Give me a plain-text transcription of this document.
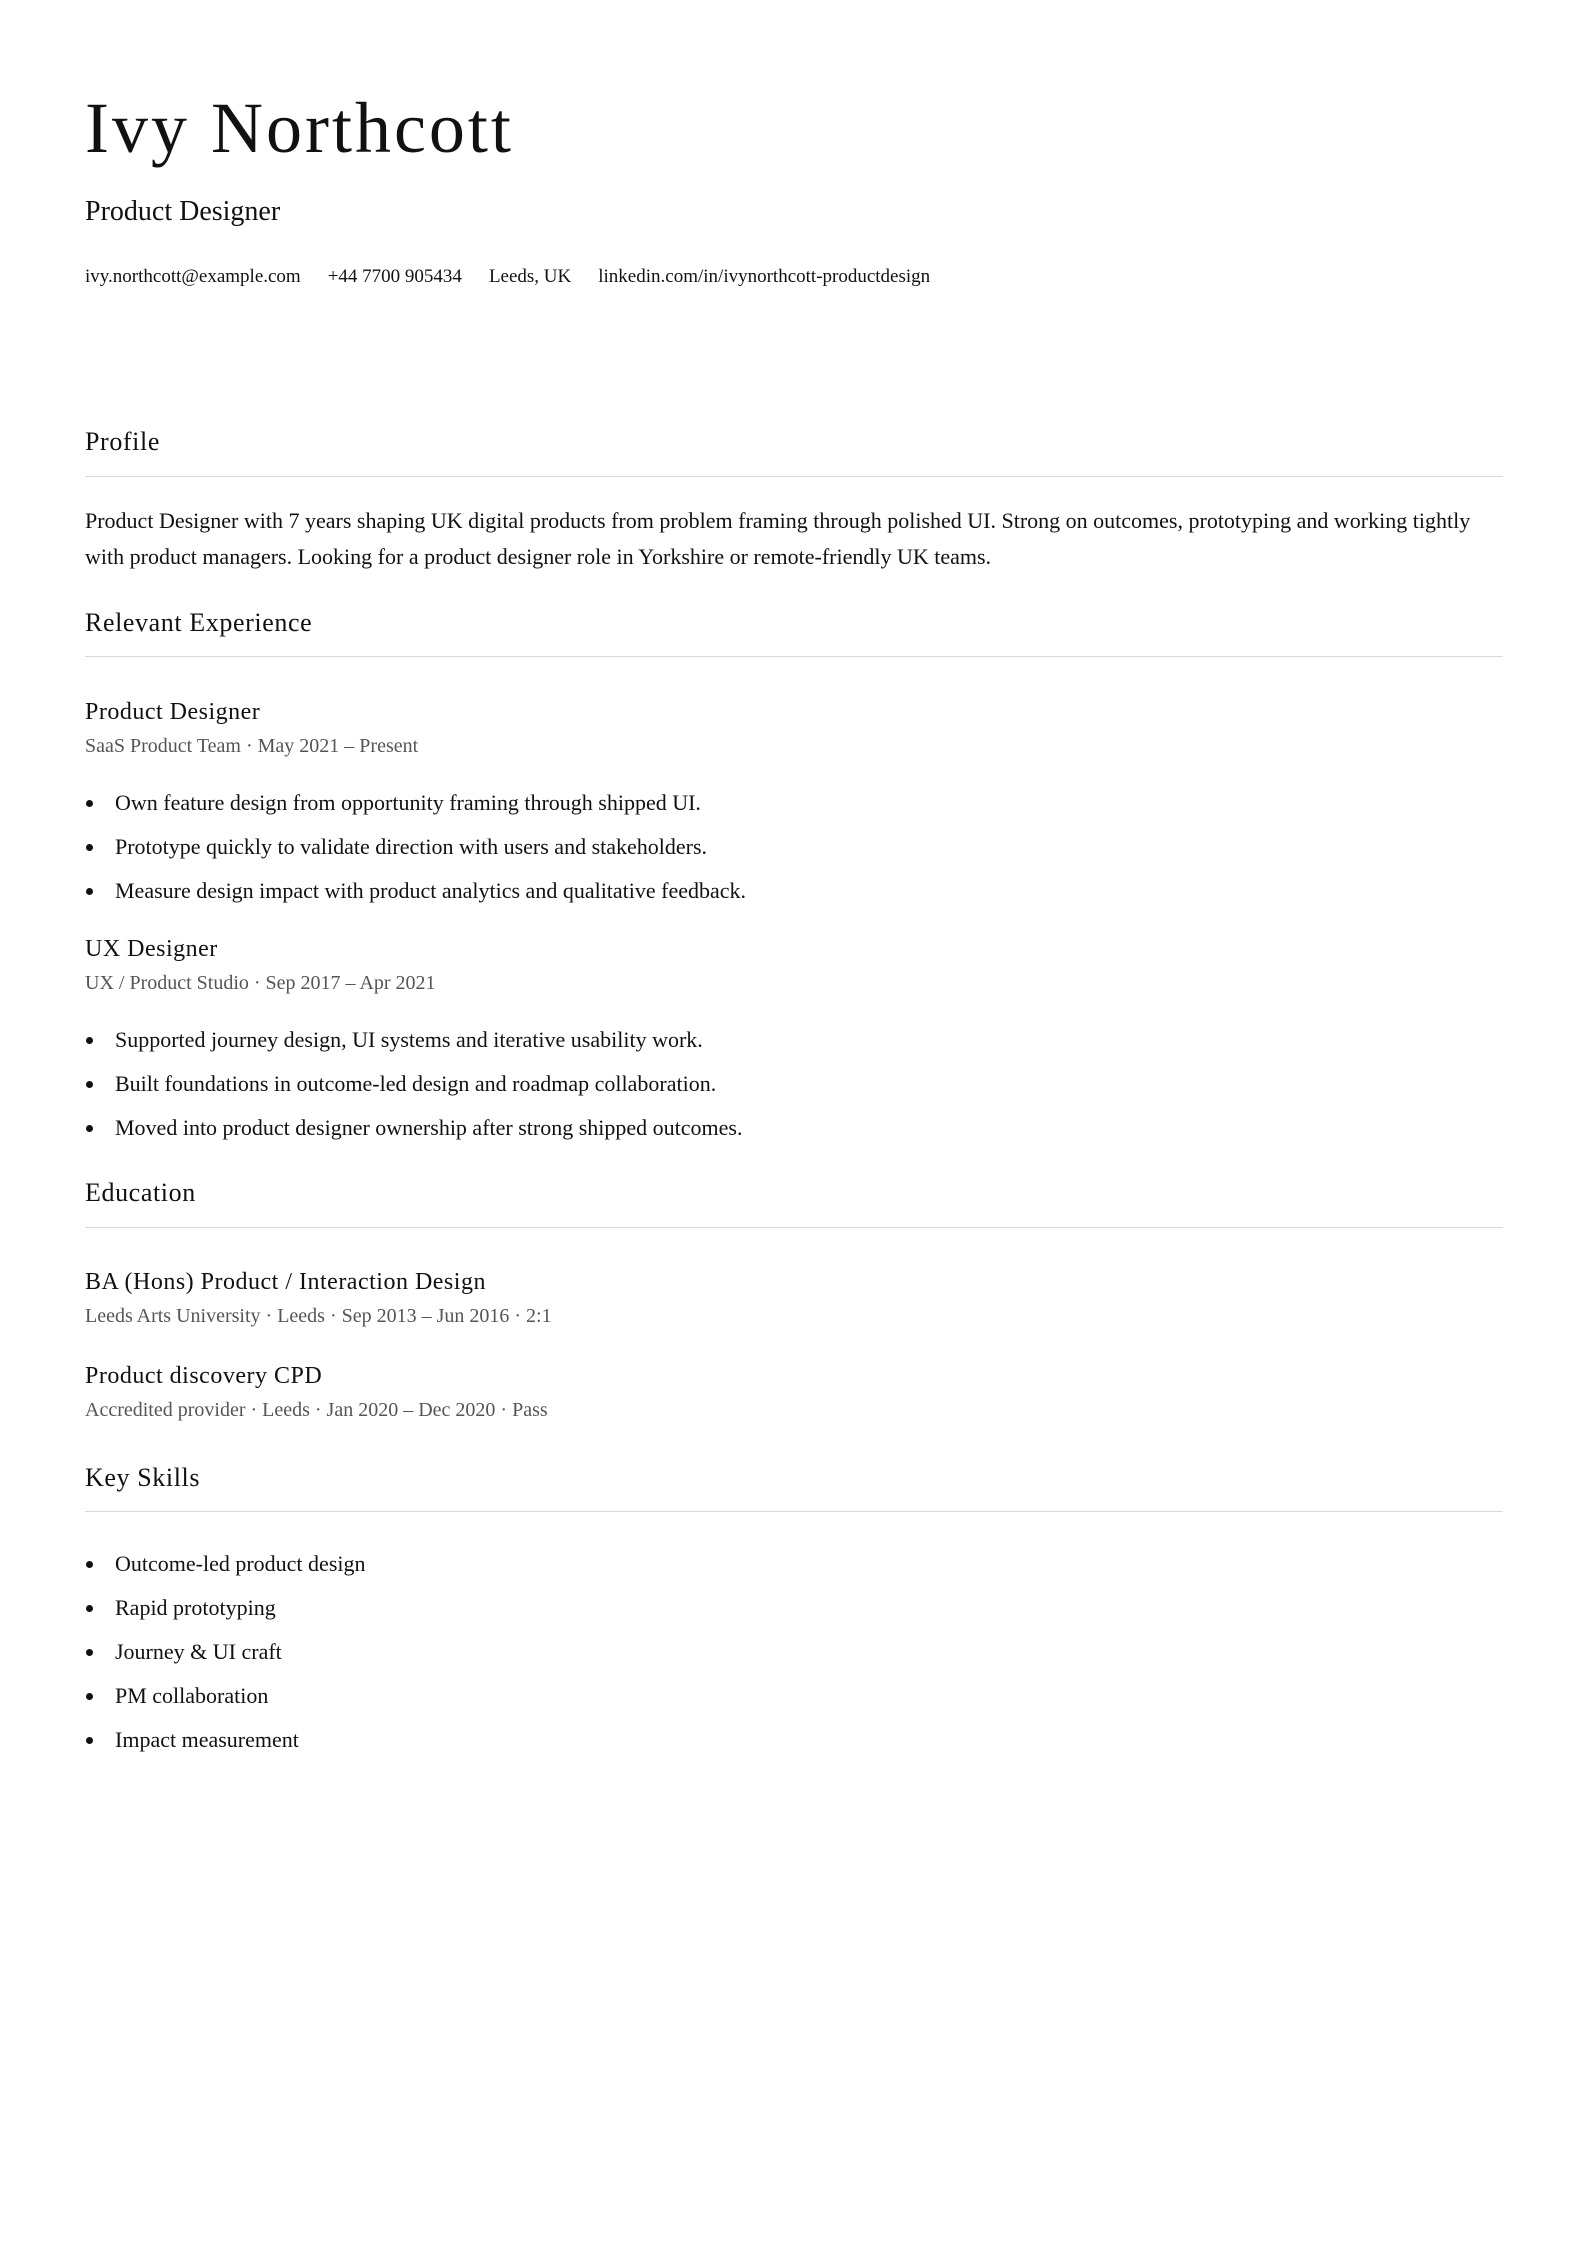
Ivy Northcott
Product Designer
ivy.northcott@example.com +44 7700 905434 Leeds, UK linkedin.com/in/ivynorthcott-productdesign
Profile
Product Designer with 7 years shaping UK digital products from problem framing through polished UI. Strong on outcomes, prototyping and working tightly with product managers. Looking for a product designer role in Yorkshire or remote-friendly UK teams.
Relevant Experience
Product Designer
SaaS Product Team · May 2021 – Present
Own feature design from opportunity framing through shipped UI.
Prototype quickly to validate direction with users and stakeholders.
Measure design impact with product analytics and qualitative feedback.
UX Designer
UX / Product Studio · Sep 2017 – Apr 2021
Supported journey design, UI systems and iterative usability work.
Built foundations in outcome-led design and roadmap collaboration.
Moved into product designer ownership after strong shipped outcomes.
Education
BA (Hons) Product / Interaction Design
Leeds Arts University · Leeds · Sep 2013 – Jun 2016 · 2:1
Product discovery CPD
Accredited provider · Leeds · Jan 2020 – Dec 2020 · Pass
Key Skills
Outcome-led product design
Rapid prototyping
Journey & UI craft
PM collaboration
Impact measurement
